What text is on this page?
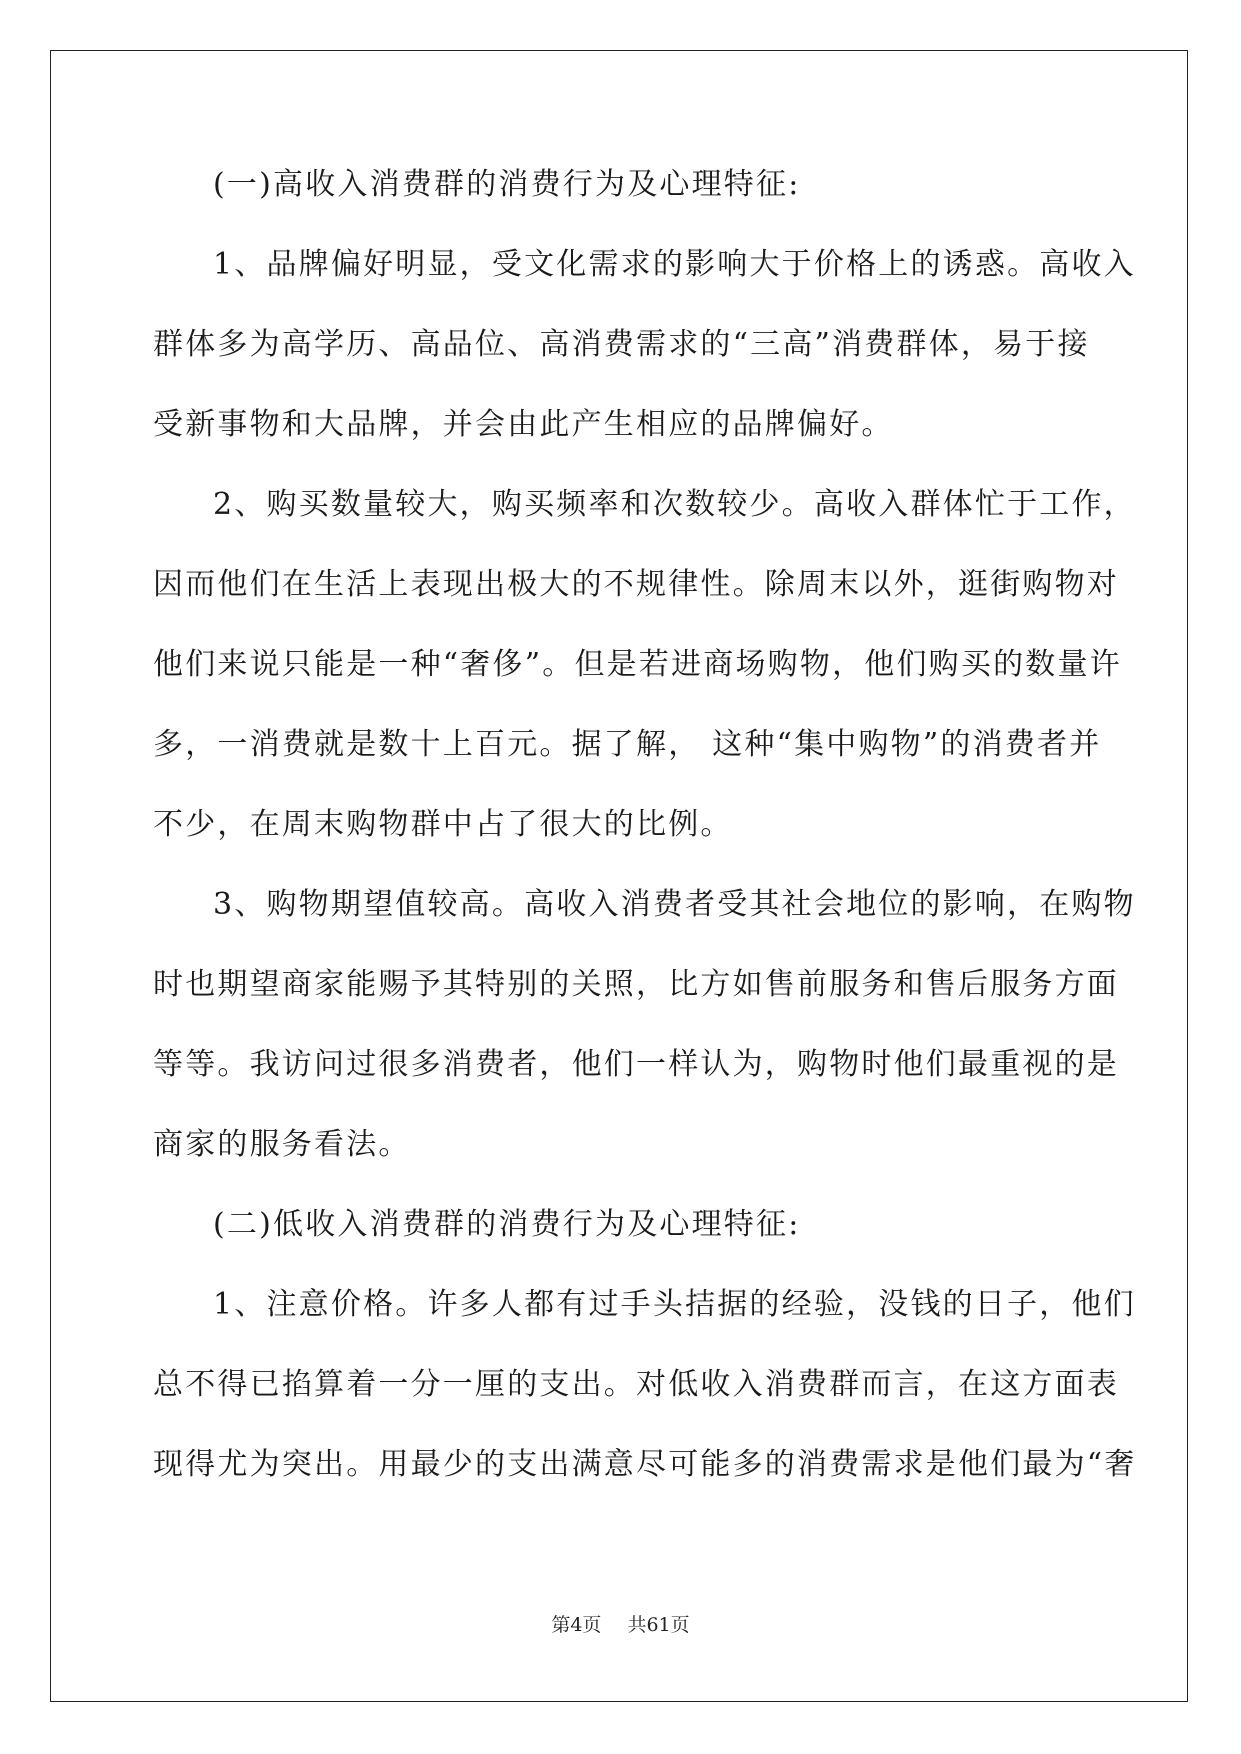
(一)高收入消费群的消费行为及心理特征:
1、品牌偏好明显，受文化需求的影响大于价格上的诱惑。高收入
群体多为高学历、高品位、高消费需求的“三高”消费群体，易于接
受新事物和大品牌，并会由此产生相应的品牌偏好。
2、购买数量较大，购买频率和次数较少。高收入群体忙于工作，
因而他们在生活上表现出极大的不规律性。除周末以外，逛街购物对
他们来说只能是一种“奢侈”。但是若进商场购物，他们购买的数量许
多，一消费就是数十上百元。据了解， 这种“集中购物”的消费者并
不少，在周末购物群中占了很大的比例。
3、购物期望值较高。高收入消费者受其社会地位的影响，在购物
时也期望商家能赐予其特别的关照，比方如售前服务和售后服务方面
等等。我访问过很多消费者，他们一样认为，购物时他们最重视的是
商家的服务看法。
(二)低收入消费群的消费行为及心理特征:
1、注意价格。许多人都有过手头拮据的经验，没钱的日子，他们
总不得已掐算着一分一厘的支出。对低收入消费群而言，在这方面表
现得尤为突出。用最少的支出满意尽可能多的消费需求是他们最为“奢
第4页 共61页
